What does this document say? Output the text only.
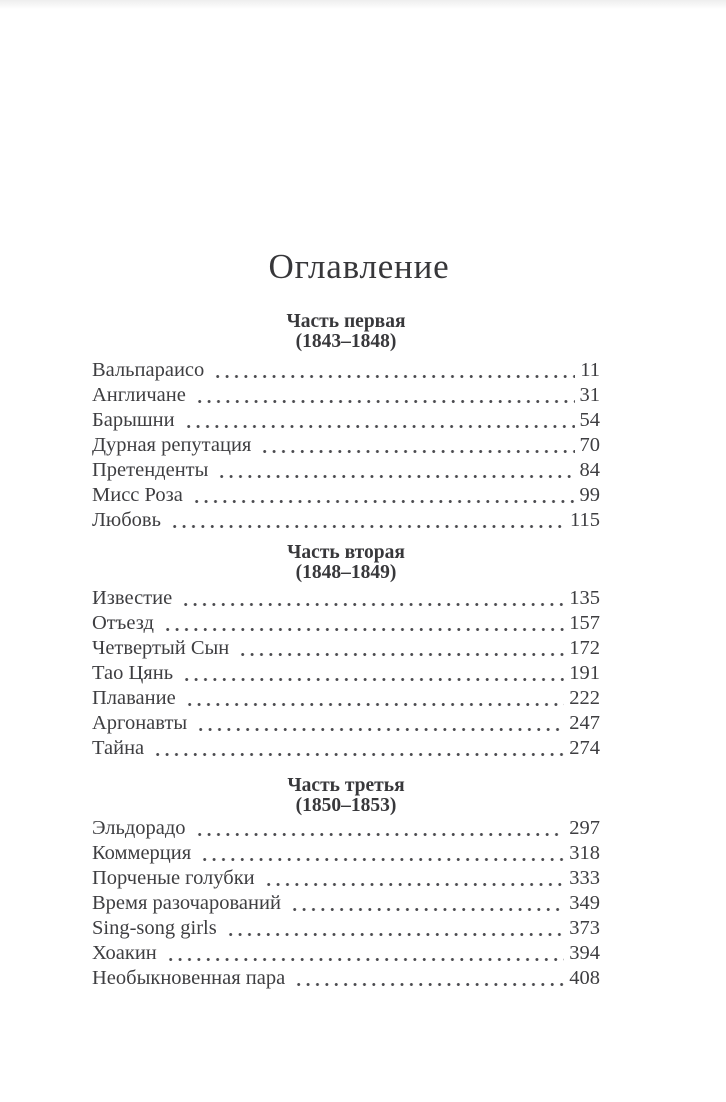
Оглавление
Часть первая
(1843–1848)
Вальпараисо	11
Англичане	31
Барышни	54
Дурная репутация	70
Претенденты	84
Мисс Роза	99
Любовь	115
Часть вторая
(1848–1849)
Известие	135
Отъезд	157
Четвертый Сын	172
Тао Цянь	191
Плавание	222
Аргонавты	247
Тайна	274
Часть третья
(1850–1853)
Эльдорадо	297
Коммерция	318
Порченые голубки	333
Время разочарований	349
Sing-song girls	373
Хоакин	394
Необыкновенная пара	408
